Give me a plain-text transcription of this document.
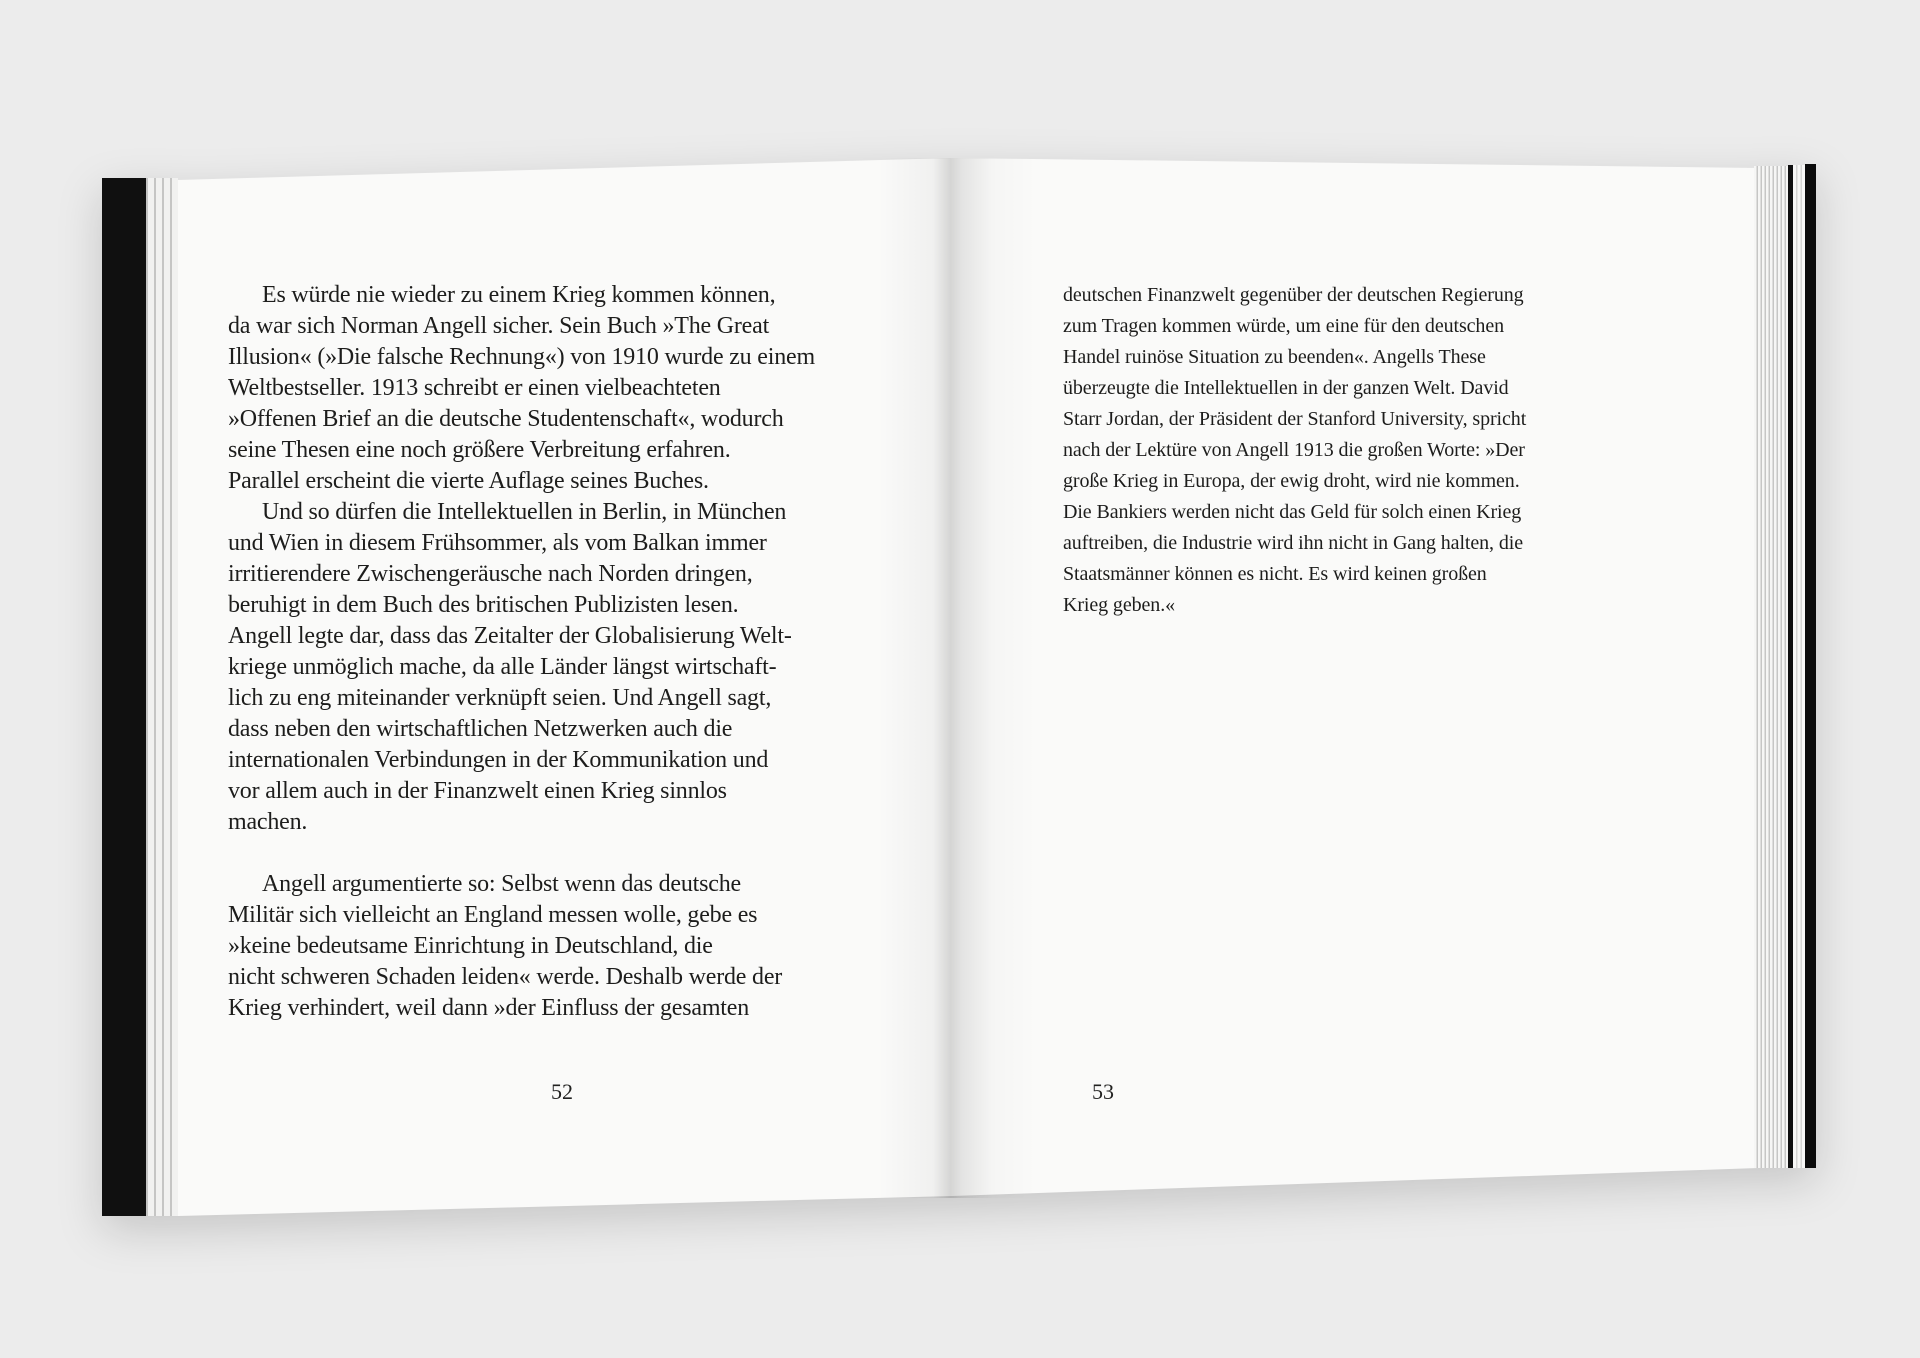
Es würde nie wieder zu einem Krieg kommen können,
da war sich Norman Angell sicher. Sein Buch »The Great
Illusion« (»Die falsche Rechnung«) von 1910 wurde zu einem
Weltbestseller. 1913 schreibt er einen vielbeachteten
»Offenen Brief an die deutsche Studentenschaft«, wodurch
seine Thesen eine noch größere Verbreitung erfahren.
Parallel erscheint die vierte Auflage seines Buches.
Und so dürfen die Intellektuellen in Berlin, in München
und Wien in diesem Frühsommer, als vom Balkan immer
irritierendere Zwischengeräusche nach Norden dringen,
beruhigt in dem Buch des britischen Publizisten lesen.
Angell legte dar, dass das Zeitalter der Globalisierung Welt-
kriege unmöglich mache, da alle Länder längst wirtschaft-
lich zu eng miteinander verknüpft seien. Und Angell sagt,
dass neben den wirtschaftlichen Netzwerken auch die
internationalen Verbindungen in der Kommunikation und
vor allem auch in der Finanzwelt einen Krieg sinnlos
machen.
Angell argumentierte so: Selbst wenn das deutsche
Militär sich vielleicht an England messen wolle, gebe es
»keine bedeutsame Einrichtung in Deutschland, die
nicht schweren Schaden leiden« werde. Deshalb werde der
Krieg verhindert, weil dann »der Einfluss der gesamten
deutschen Finanzwelt gegenüber der deutschen Regierung
zum Tragen kommen würde, um eine für den deutschen
Handel ruinöse Situation zu beenden«. Angells These
überzeugte die Intellektuellen in der ganzen Welt. David
Starr Jordan, der Präsident der Stanford University, spricht
nach der Lektüre von Angell 1913 die großen Worte: »Der
große Krieg in Europa, der ewig droht, wird nie kommen.
Die Bankiers werden nicht das Geld für solch einen Krieg
auftreiben, die Industrie wird ihn nicht in Gang halten, die
Staatsmänner können es nicht. Es wird keinen großen
Krieg geben.«
52	53
